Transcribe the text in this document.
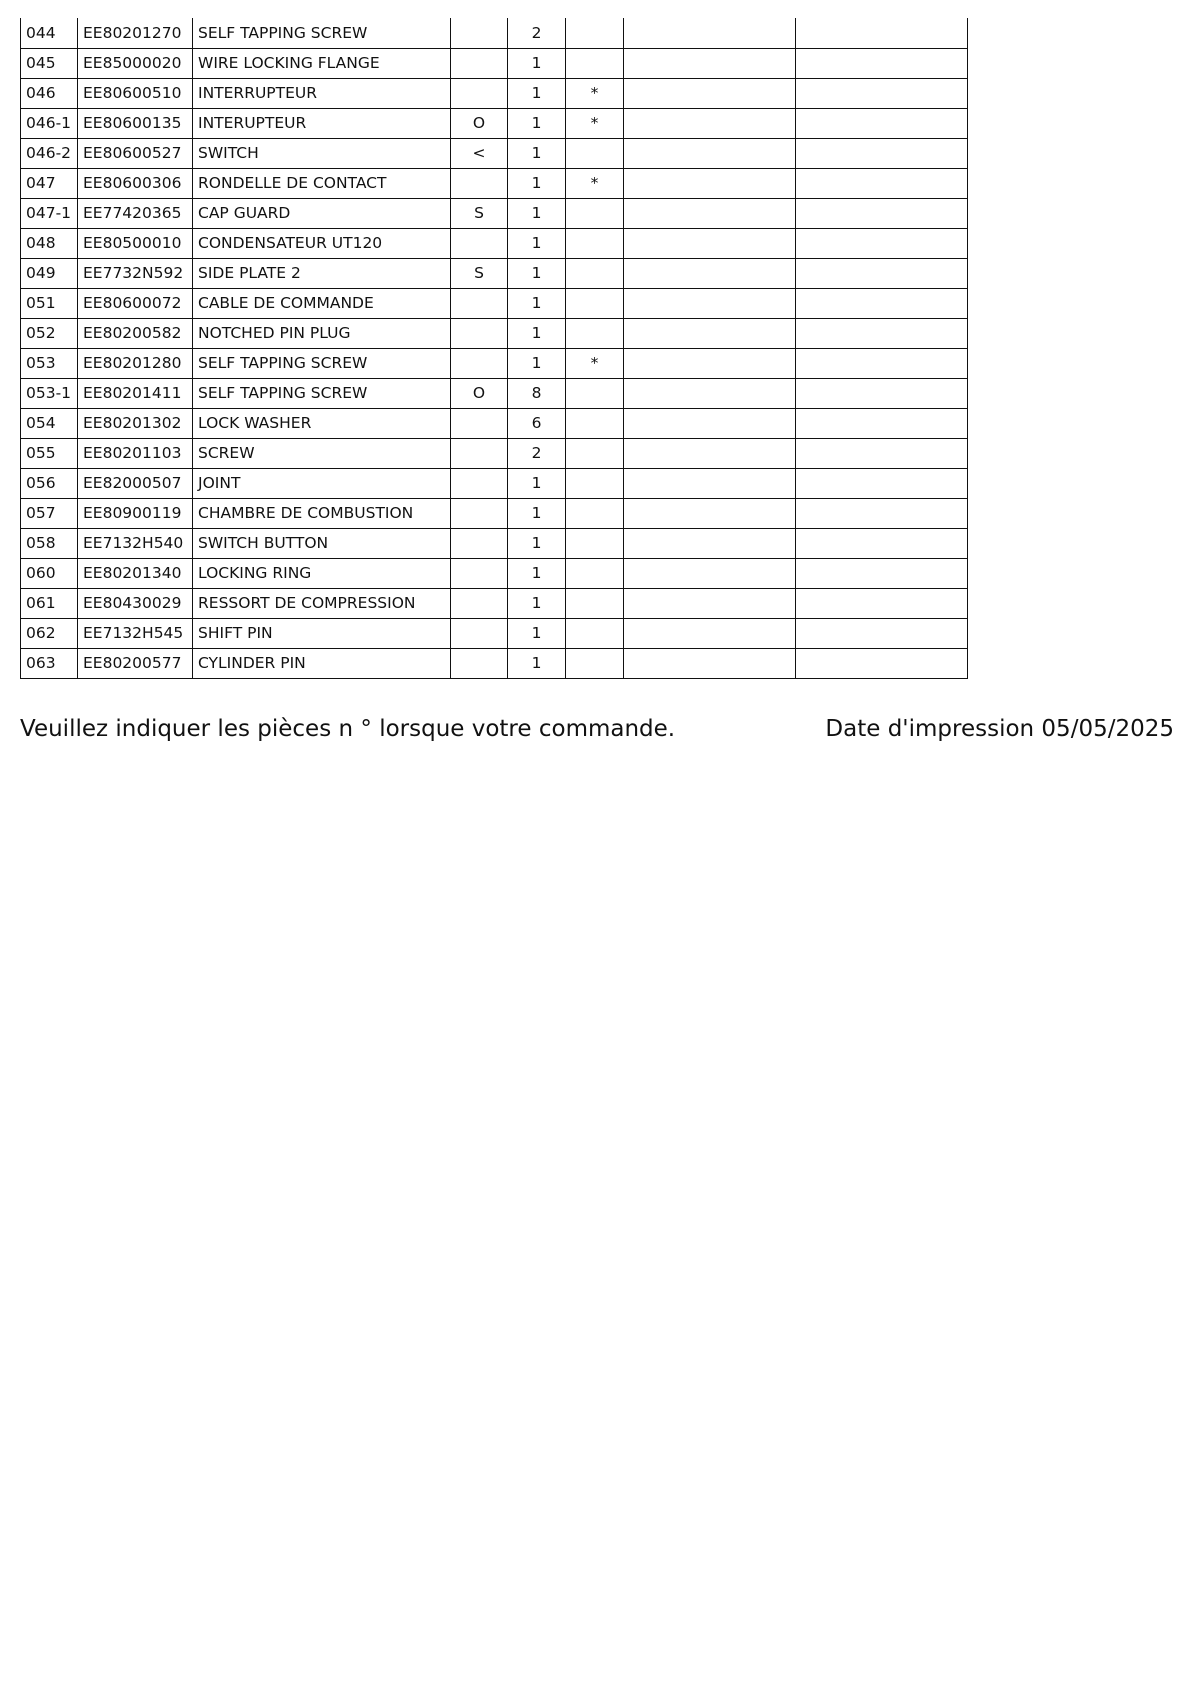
044	EE80201270	SELF TAPPING SCREW		2			
045	EE85000020	WIRE LOCKING FLANGE		1			
046	EE80600510	INTERRUPTEUR		1	*		
046-1	EE80600135	INTERUPTEUR	O	1	*		
046-2	EE80600527	SWITCH	<	1			
047	EE80600306	RONDELLE DE CONTACT		1	*		
047-1	EE77420365	CAP GUARD	S	1			
048	EE80500010	CONDENSATEUR UT120		1			
049	EE7732N592	SIDE PLATE 2	S	1			
051	EE80600072	CABLE DE COMMANDE		1			
052	EE80200582	NOTCHED PIN PLUG		1			
053	EE80201280	SELF TAPPING SCREW		1	*		
053-1	EE80201411	SELF TAPPING SCREW	O	8			
054	EE80201302	LOCK WASHER		6			
055	EE80201103	SCREW		2			
056	EE82000507	JOINT		1			
057	EE80900119	CHAMBRE DE COMBUSTION		1			
058	EE7132H540	SWITCH BUTTON		1			
060	EE80201340	LOCKING RING		1			
061	EE80430029	RESSORT DE COMPRESSION		1			
062	EE7132H545	SHIFT PIN		1			
063	EE80200577	CYLINDER PIN		1			
Veuillez indiquer les pièces n ° lorsque votre commande.	Date d'impression 05/05/2025
